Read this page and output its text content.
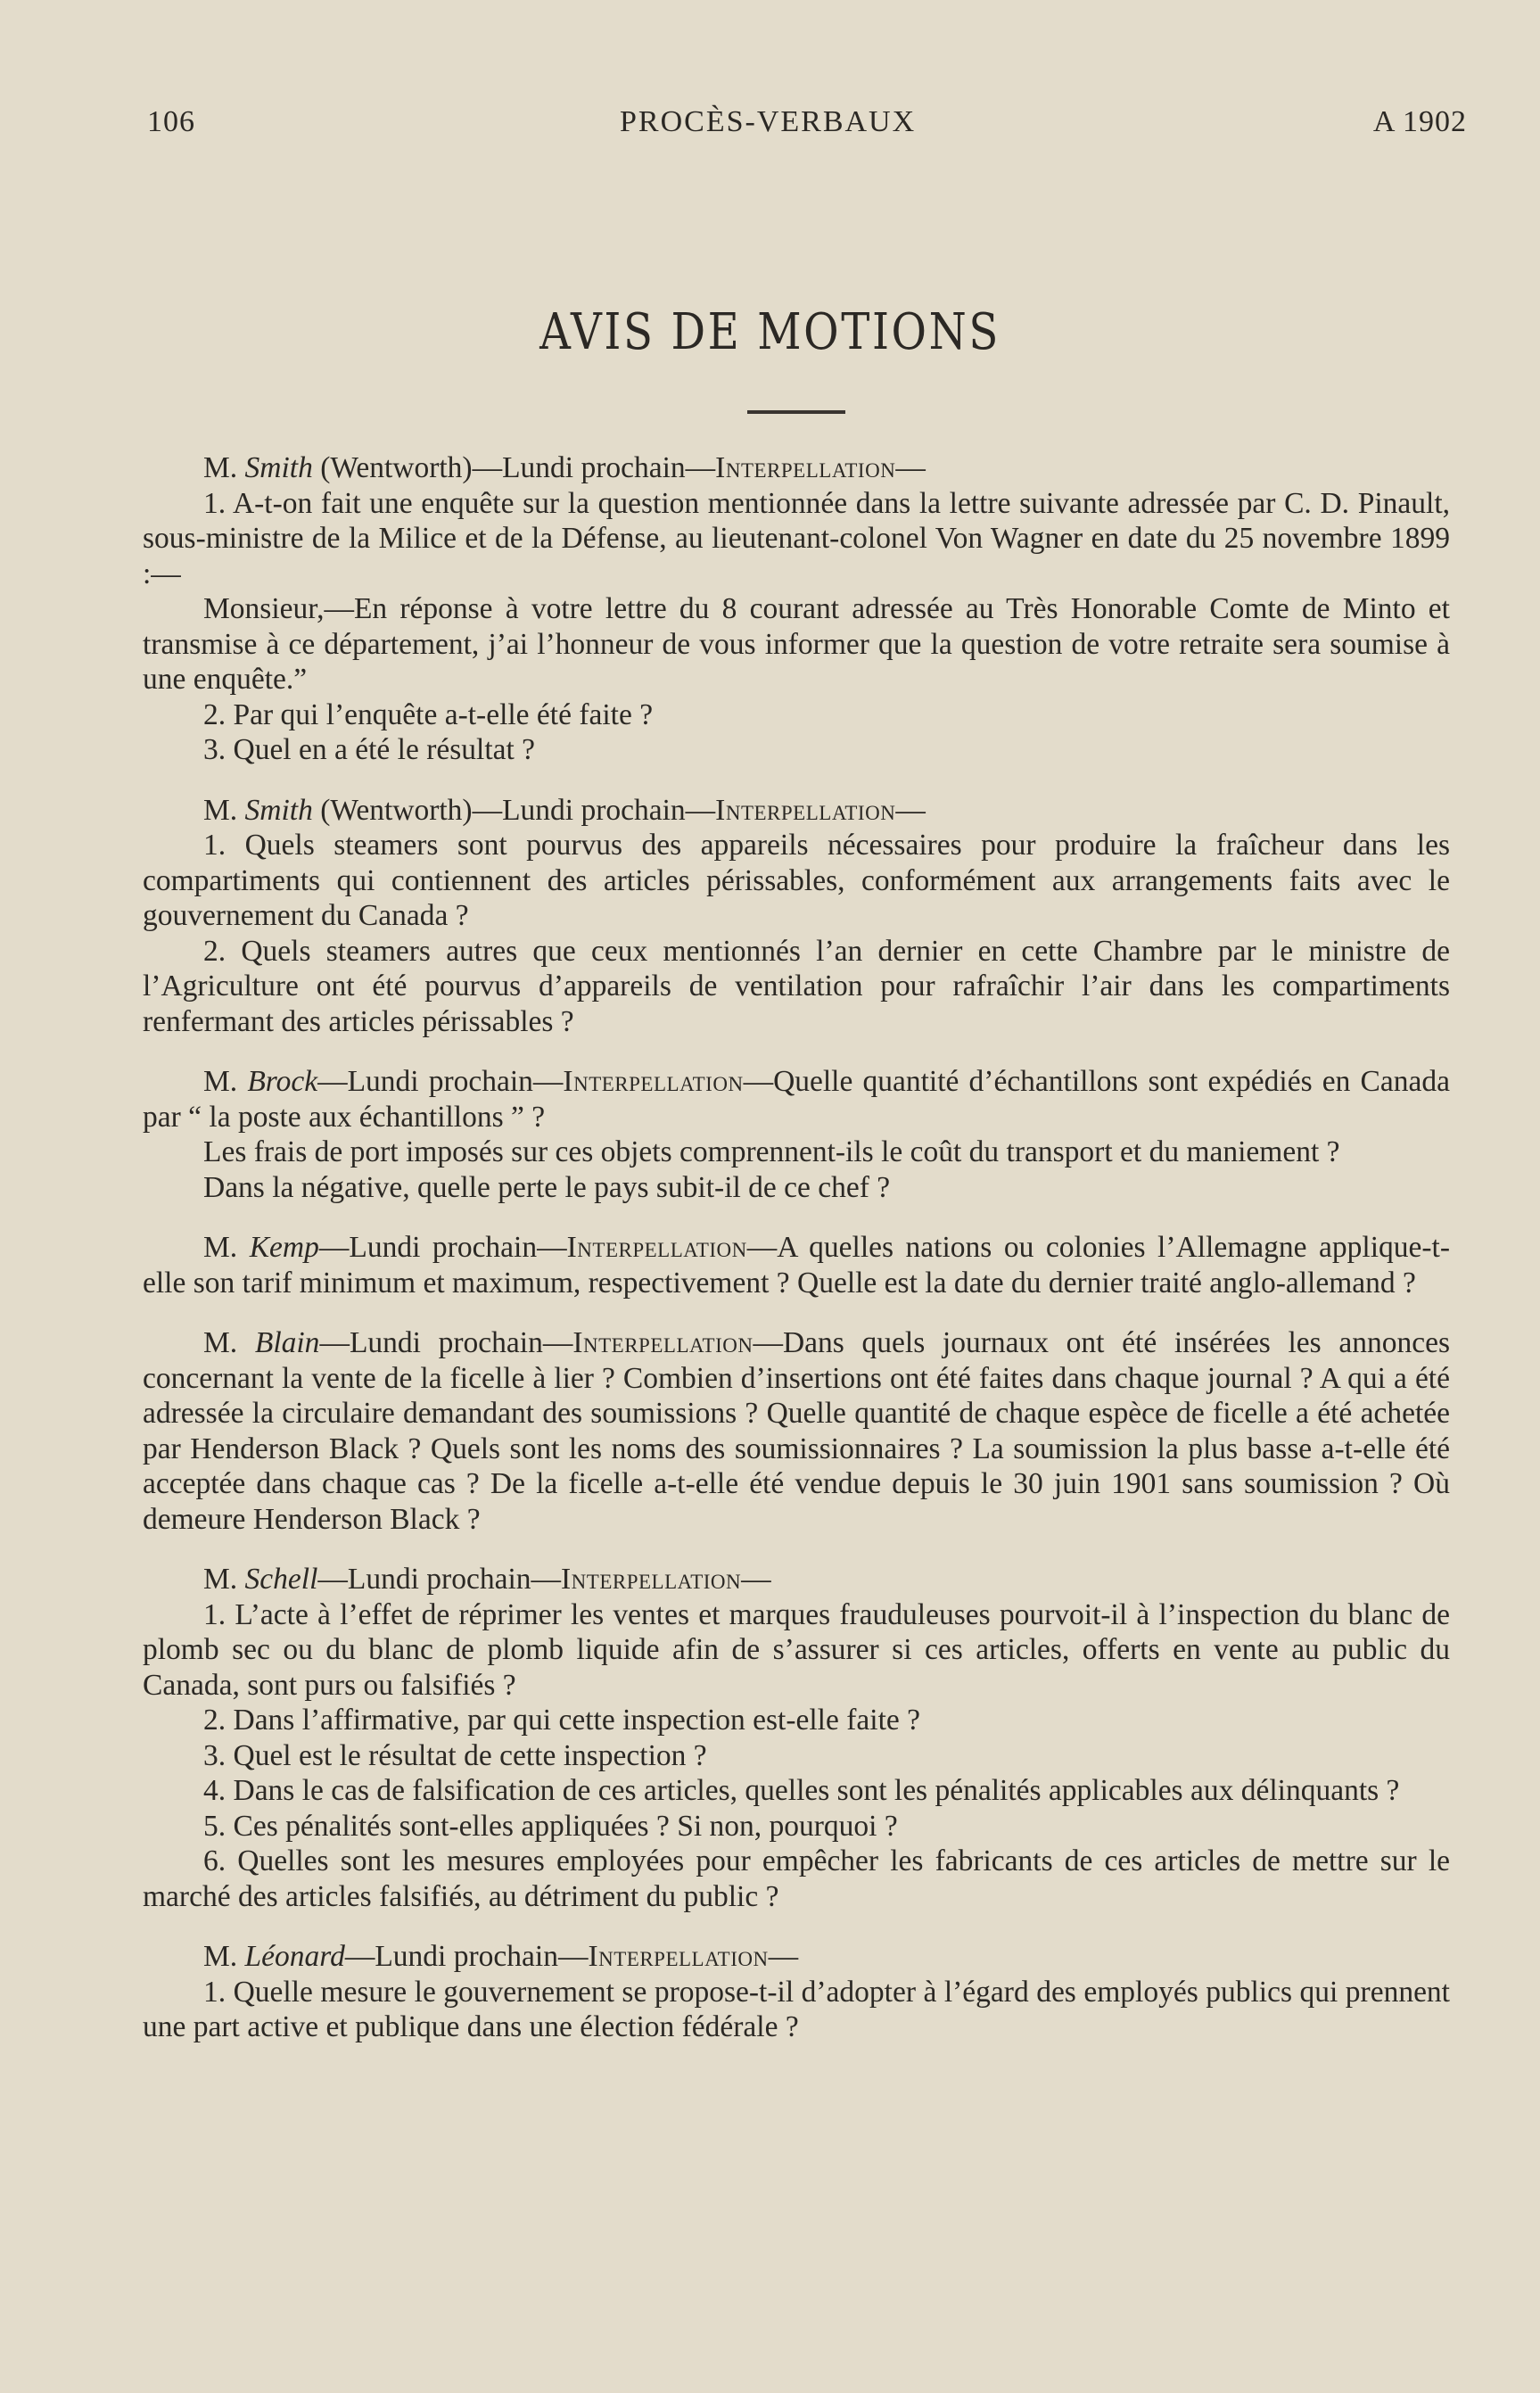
106	PROCÈS-VERBAUX	A 1902
AVIS DE MOTIONS

M. Smith (Wentworth)—Lundi prochain—Interpellation—

1. A-t-on fait une enquête sur la question mentionnée dans la lettre suivante adressée par C. D. Pinault, sous-ministre de la Milice et de la Défense, au lieutenant-colonel Von Wagner en date du 25 novembre 1899 :—

Monsieur,—En réponse à votre lettre du 8 courant adressée au Très Honorable Comte de Minto et transmise à ce département, j’ai l’honneur de vous informer que la question de votre retraite sera soumise à une enquête.”

2. Par qui l’enquête a-t-elle été faite ?

3. Quel en a été le résultat ?

M. Smith (Wentworth)—Lundi prochain—Interpellation—

1. Quels steamers sont pourvus des appareils nécessaires pour produire la fraîcheur dans les compartiments qui contiennent des articles périssables, conformément aux arrangements faits avec le gouvernement du Canada ?

2. Quels steamers autres que ceux mentionnés l’an dernier en cette Chambre par le ministre de l’Agriculture ont été pourvus d’appareils de ventilation pour rafraîchir l’air dans les compartiments renfermant des articles périssables ?

M. Brock—Lundi prochain—Interpellation—Quelle quantité d’échantillons sont expédiés en Canada par “ la poste aux échantillons ” ?

Les frais de port imposés sur ces objets comprennent-ils le coût du transport et du maniement ?

Dans la négative, quelle perte le pays subit-il de ce chef ?

M. Kemp—Lundi prochain—Interpellation—A quelles nations ou colonies l’Allemagne applique-t-elle son tarif minimum et maximum, respectivement ? Quelle est la date du dernier traité anglo-allemand ?

M. Blain—Lundi prochain—Interpellation—Dans quels journaux ont été insérées les annonces concernant la vente de la ficelle à lier ? Combien d’insertions ont été faites dans chaque journal ? A qui a été adressée la circulaire demandant des soumissions ? Quelle quantité de chaque espèce de ficelle a été achetée par Henderson Black ? Quels sont les noms des soumissionnaires ? La soumission la plus basse a-t-elle été acceptée dans chaque cas ? De la ficelle a-t-elle été vendue depuis le 30 juin 1901 sans soumission ? Où demeure Henderson Black ?

M. Schell—Lundi prochain—Interpellation—

1. L’acte à l’effet de réprimer les ventes et marques frauduleuses pourvoit-il à l’inspection du blanc de plomb sec ou du blanc de plomb liquide afin de s’assurer si ces articles, offerts en vente au public du Canada, sont purs ou falsifiés ?

2. Dans l’affirmative, par qui cette inspection est-elle faite ?

3. Quel est le résultat de cette inspection ?

4. Dans le cas de falsification de ces articles, quelles sont les pénalités applicables aux délinquants ?

5. Ces pénalités sont-elles appliquées ? Si non, pourquoi ?

6. Quelles sont les mesures employées pour empêcher les fabricants de ces articles de mettre sur le marché des articles falsifiés, au détriment du public ?

M. Léonard—Lundi prochain—Interpellation—

1. Quelle mesure le gouvernement se propose-t-il d’adopter à l’égard des employés publics qui prennent une part active et publique dans une élection fédérale ?
